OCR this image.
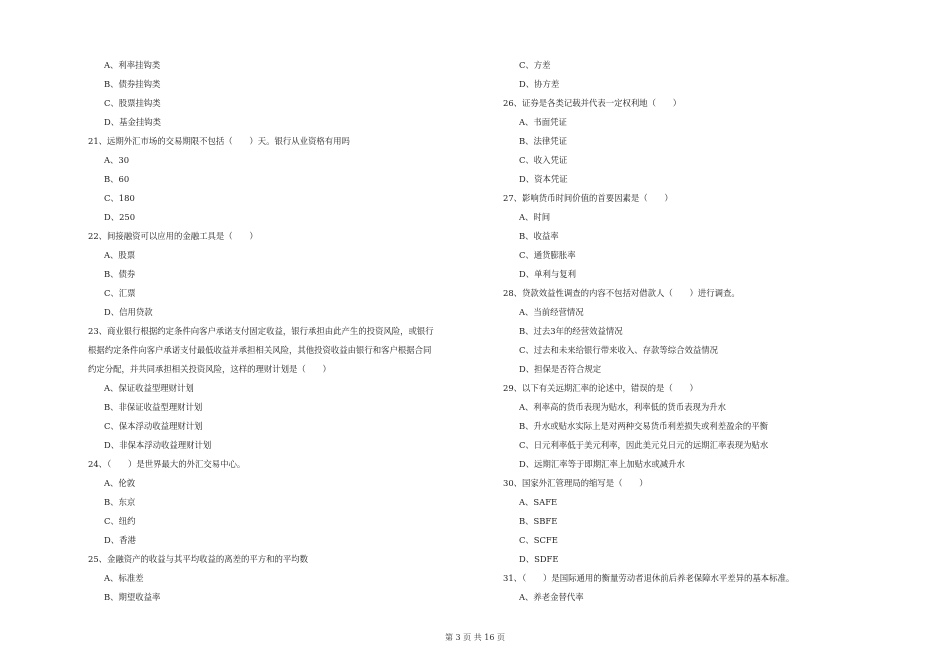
A、利率挂钩类
B、债券挂钩类
C、股票挂钩类
D、基金挂钩类
21、远期外汇市场的交易期限不包括（　　）天。银行从业资格有用吗
A、30
B、60
C、180
D、250
22、间接融资可以应用的金融工具是（　　）
A、股票
B、债券
C、汇票
D、信用贷款
23、商业银行根据约定条件向客户承诺支付固定收益，银行承担由此产生的投资风险，或银行
根据约定条件向客户承诺支付最低收益并承担相关风险，其他投资收益由银行和客户根据合同
约定分配，并共同承担相关投资风险，这样的理财计划是（　　）
A、保证收益型理财计划
B、非保证收益型理财计划
C、保本浮动收益理财计划
D、非保本浮动收益理财计划
24、（　　）是世界最大的外汇交易中心。
A、伦敦
B、东京
C、纽约
D、香港
25、金融资产的收益与其平均收益的离差的平方和的平均数
A、标准差
B、期望收益率
C、方差
D、协方差
26、证券是各类记载并代表一定权利地（　　）
A、书面凭证
B、法律凭证
C、收入凭证
D、资本凭证
27、影响货币时间价值的首要因素是（　　）
A、时间
B、收益率
C、通货膨胀率
D、单利与复利
28、贷款效益性调查的内容不包括对借款人（　　）进行调查。
A、当前经营情况
B、过去3年的经营效益情况
C、过去和未来给银行带来收入、存款等综合效益情况
D、担保是否符合规定
29、以下有关远期汇率的论述中，错误的是（　　）
A、利率高的货币表现为贴水，利率低的货币表现为升水
B、升水或贴水实际上是对两种交易货币利差损失或利差盈余的平衡
C、日元利率低于美元利率，因此美元兑日元的远期汇率表现为贴水
D、远期汇率等于即期汇率上加贴水或减升水
30、国家外汇管理局的缩写是（　　）
A、SAFE
B、SBFE
C、SCFE
D、SDFE
31、（　　）是国际通用的衡量劳动者退休前后养老保障水平差异的基本标准。
A、养老金替代率
第 3 页 共 16 页
